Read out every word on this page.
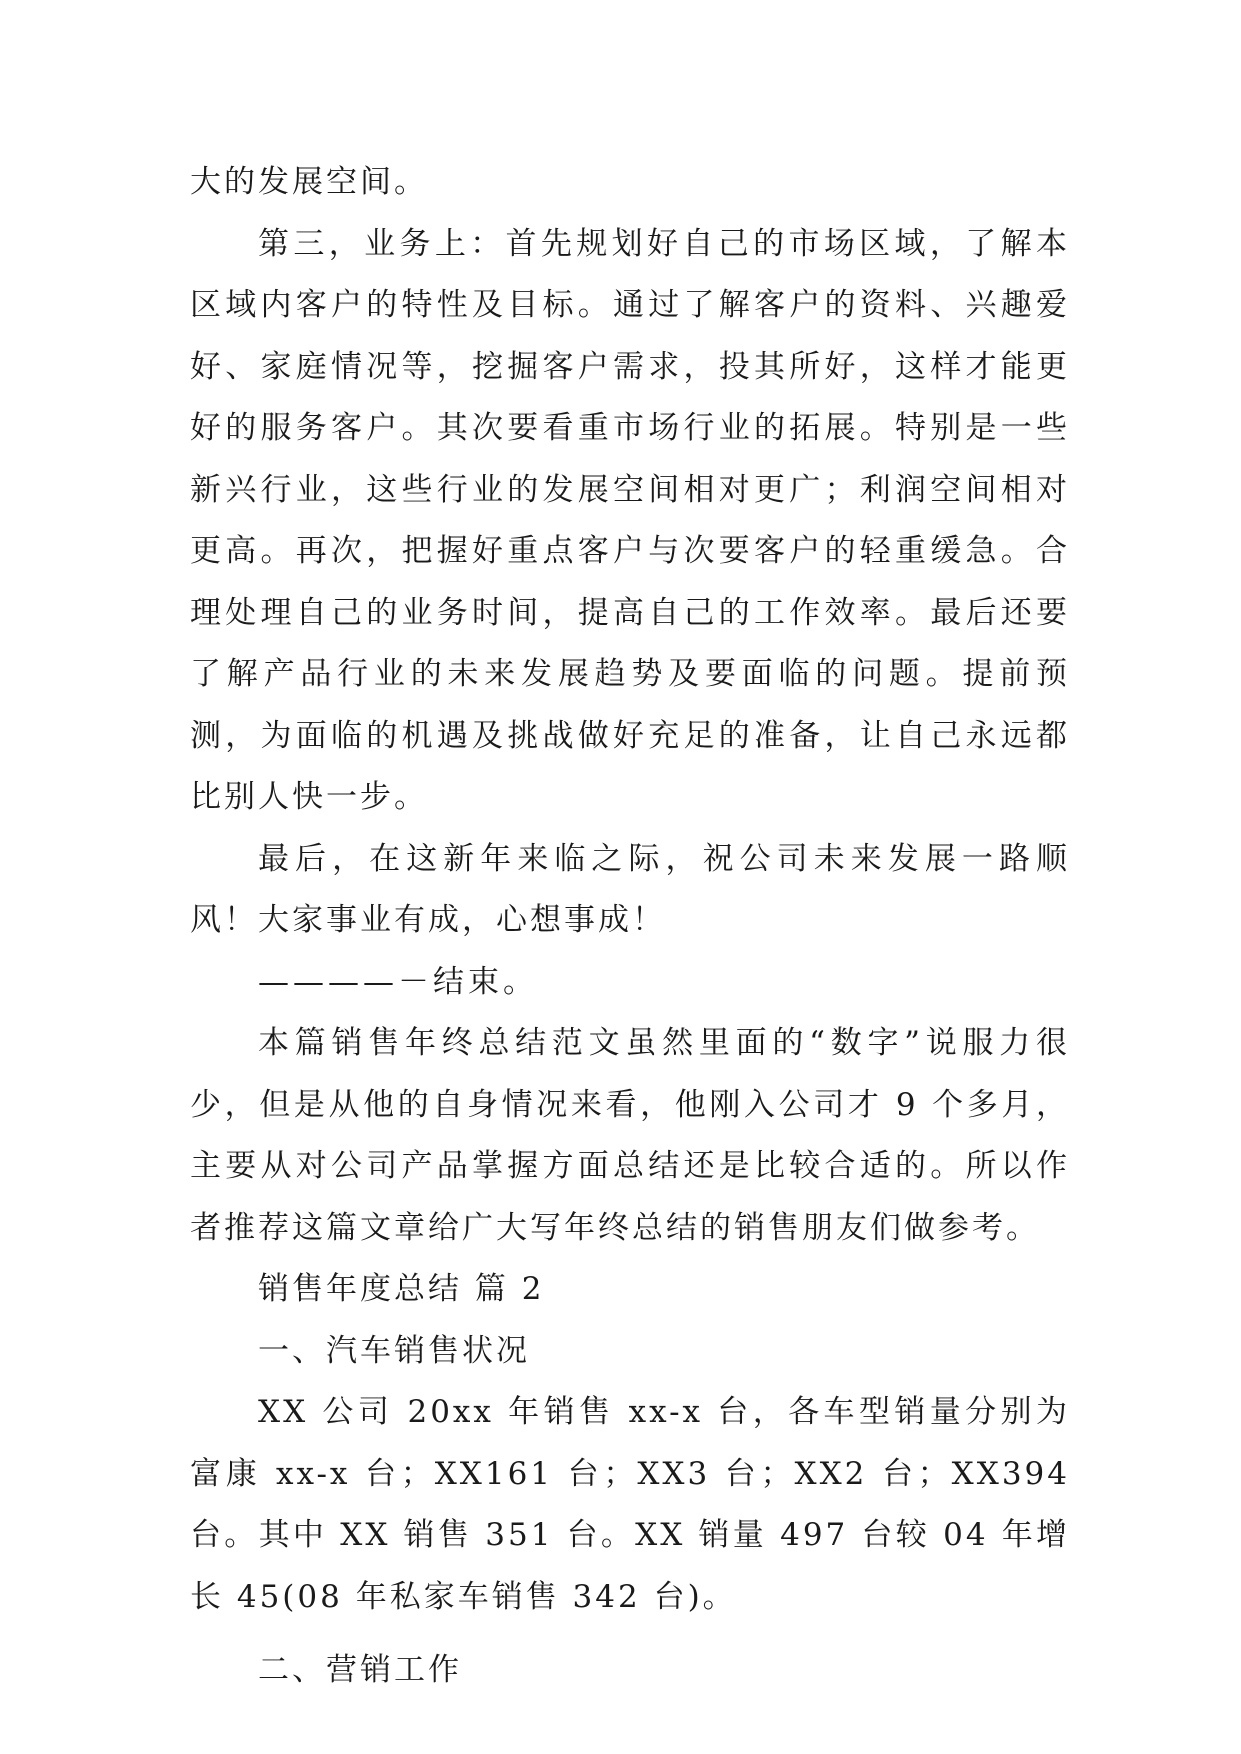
大的发展空间。

第三，业务上：首先规划好自己的市场区域，了解本区域内客户的特性及目标。通过了解客户的资料、兴趣爱好、家庭情况等，挖掘客户需求，投其所好，这样才能更好的服务客户。其次要看重市场行业的拓展。特别是一些新兴行业，这些行业的发展空间相对更广；利润空间相对更高。再次，把握好重点客户与次要客户的轻重缓急。合理处理自己的业务时间，提高自己的工作效率。最后还要了解产品行业的未来发展趋势及要面临的问题。提前预测，为面临的机遇及挑战做好充足的准备，让自己永远都比别人快一步。

最后，在这新年来临之际，祝公司未来发展一路顺风！大家事业有成，心想事成！

————－结束。

本篇销售年终总结范文虽然里面的“数字”说服力很少，但是从他的自身情况来看，他刚入公司才 9 个多月，主要从对公司产品掌握方面总结还是比较合适的。所以作者推荐这篇文章给广大写年终总结的销售朋友们做参考。

销售年度总结 篇 2

一、汽车销售状况

XX 公司 20xx 年销售 xx-x 台，各车型销量分别为富康 xx-x 台；XX161 台；XX3 台；XX2 台；XX394 台。其中 XX 销售 351 台。XX 销量 497 台较 04 年增长 45(08 年私家车销售 342 台)。

二、营销工作
